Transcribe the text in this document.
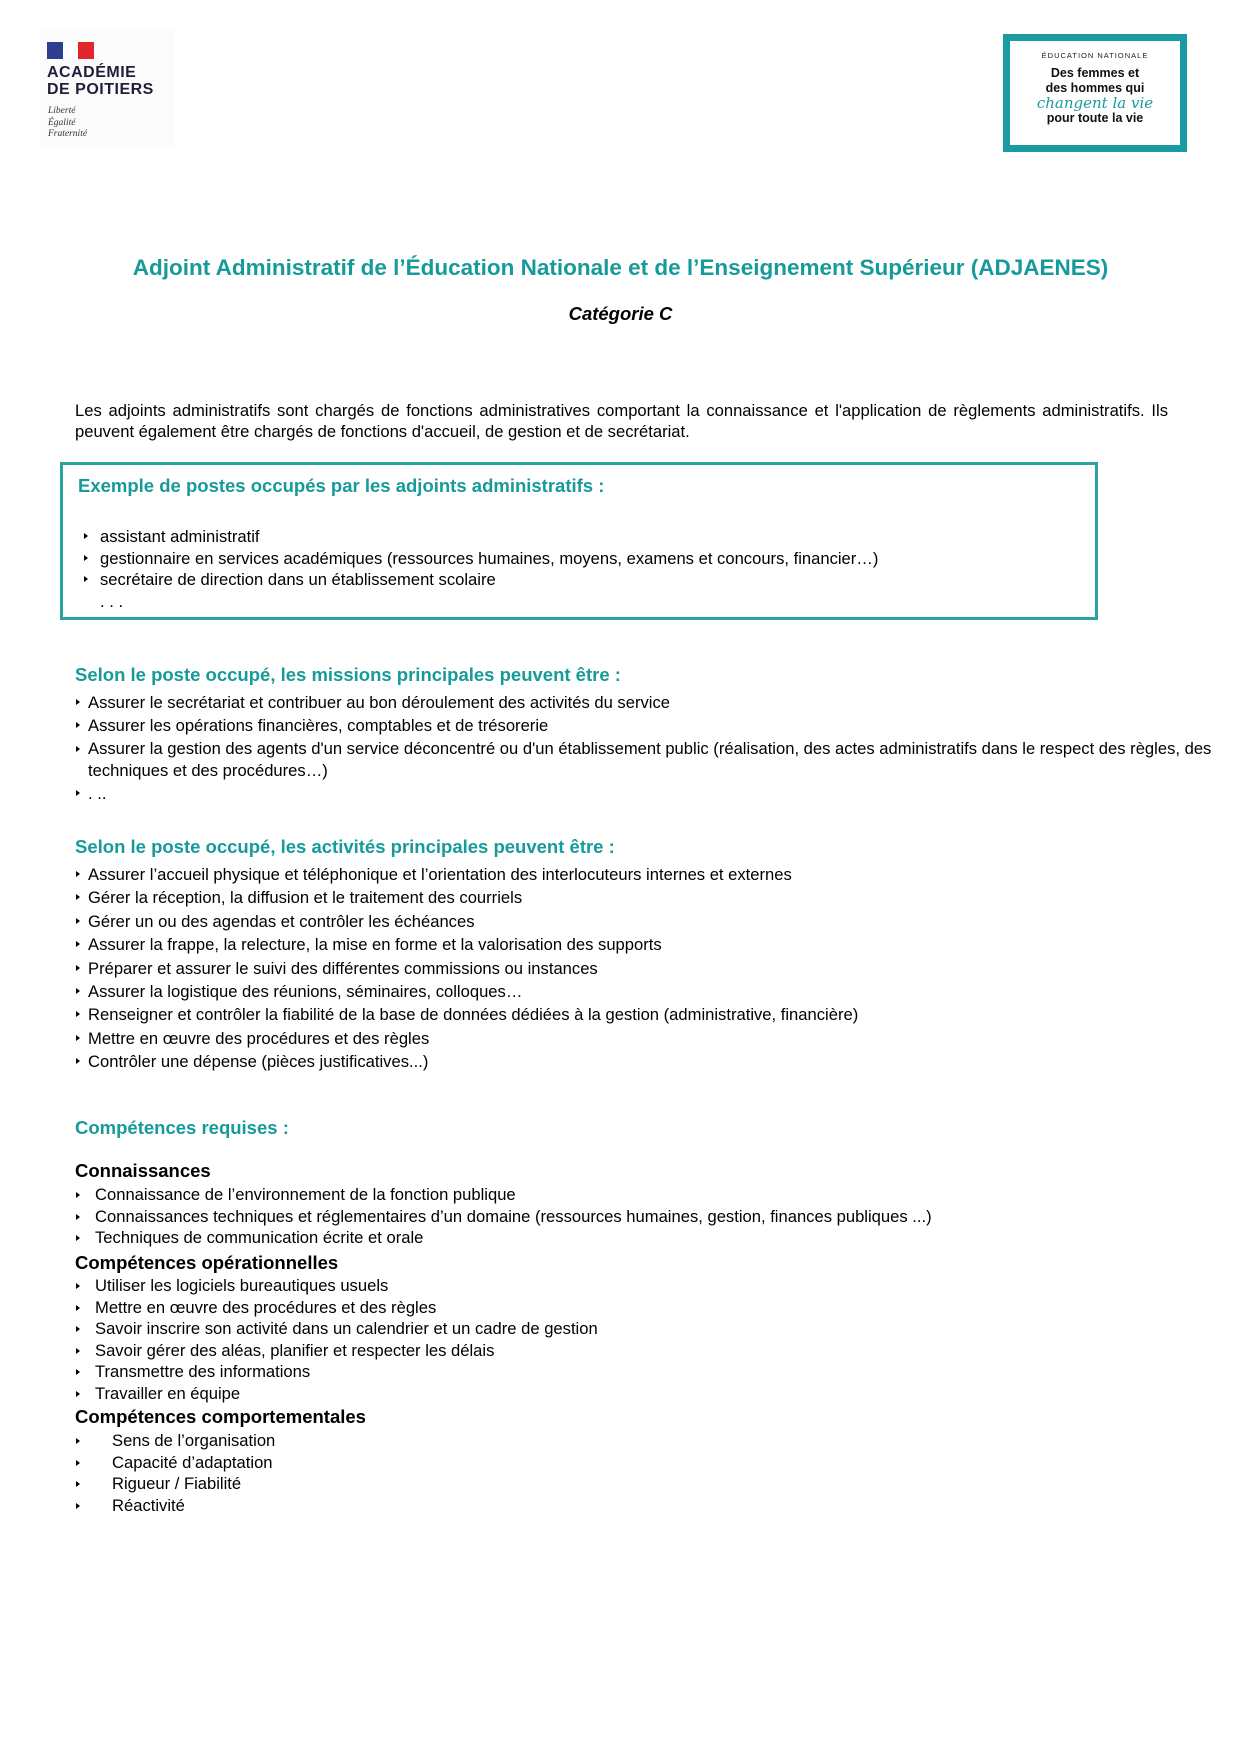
ACADÉMIE
DE POITIERS
Liberté
Égalité
Fraternité
ÉDUCATION NATIONALE
Des femmes et
des hommes qui
changent la vie
pour toute la vie
Adjoint Administratif de l’Éducation Nationale et de l’Enseignement Supérieur (ADJAENES)
Catégorie C
Les adjoints administratifs sont chargés de fonctions administratives comportant la connaissance et l'application de règlements administratifs. Ils peuvent également être chargés de fonctions d'accueil, de gestion et de secrétariat.
Exemple de postes occupés par les adjoints administratifs :
assistant administratif
gestionnaire en services académiques (ressources humaines, moyens, examens et concours, financier…)
secrétaire de direction dans un établissement scolaire
. . .
Selon le poste occupé, les missions principales peuvent être :
Assurer le secrétariat et contribuer au bon déroulement des activités du service
Assurer les opérations financières, comptables et de trésorerie
Assurer la gestion des agents d'un service déconcentré ou d'un établissement public (réalisation, des actes administratifs dans le respect des règles, des techniques et des procédures…)
. ..
Selon le poste occupé, les activités principales peuvent être :
Assurer l’accueil physique et téléphonique et l’orientation des interlocuteurs internes et externes
Gérer la réception, la diffusion et le traitement des courriels
Gérer un ou des agendas et contrôler les échéances
Assurer la frappe, la relecture, la mise en forme et la valorisation des supports
Préparer et assurer le suivi des différentes commissions ou instances
Assurer la logistique des réunions, séminaires, colloques…
Renseigner et contrôler la fiabilité de la base de données dédiées à la gestion (administrative, financière)
Mettre en œuvre des procédures et des règles
Contrôler une dépense (pièces justificatives...)
Compétences requises :
Connaissances
Connaissance de l’environnement de la fonction publique
Connaissances techniques et réglementaires d’un domaine (ressources humaines, gestion, finances publiques ...)
Techniques de communication écrite et orale
Compétences opérationnelles
Utiliser les logiciels bureautiques usuels
Mettre en œuvre des procédures et des règles
Savoir inscrire son activité dans un calendrier et un cadre de gestion
Savoir gérer des aléas, planifier et respecter les délais
Transmettre des informations
Travailler en équipe
Compétences comportementales
Sens de l’organisation
Capacité d’adaptation
Rigueur / Fiabilité
Réactivité
